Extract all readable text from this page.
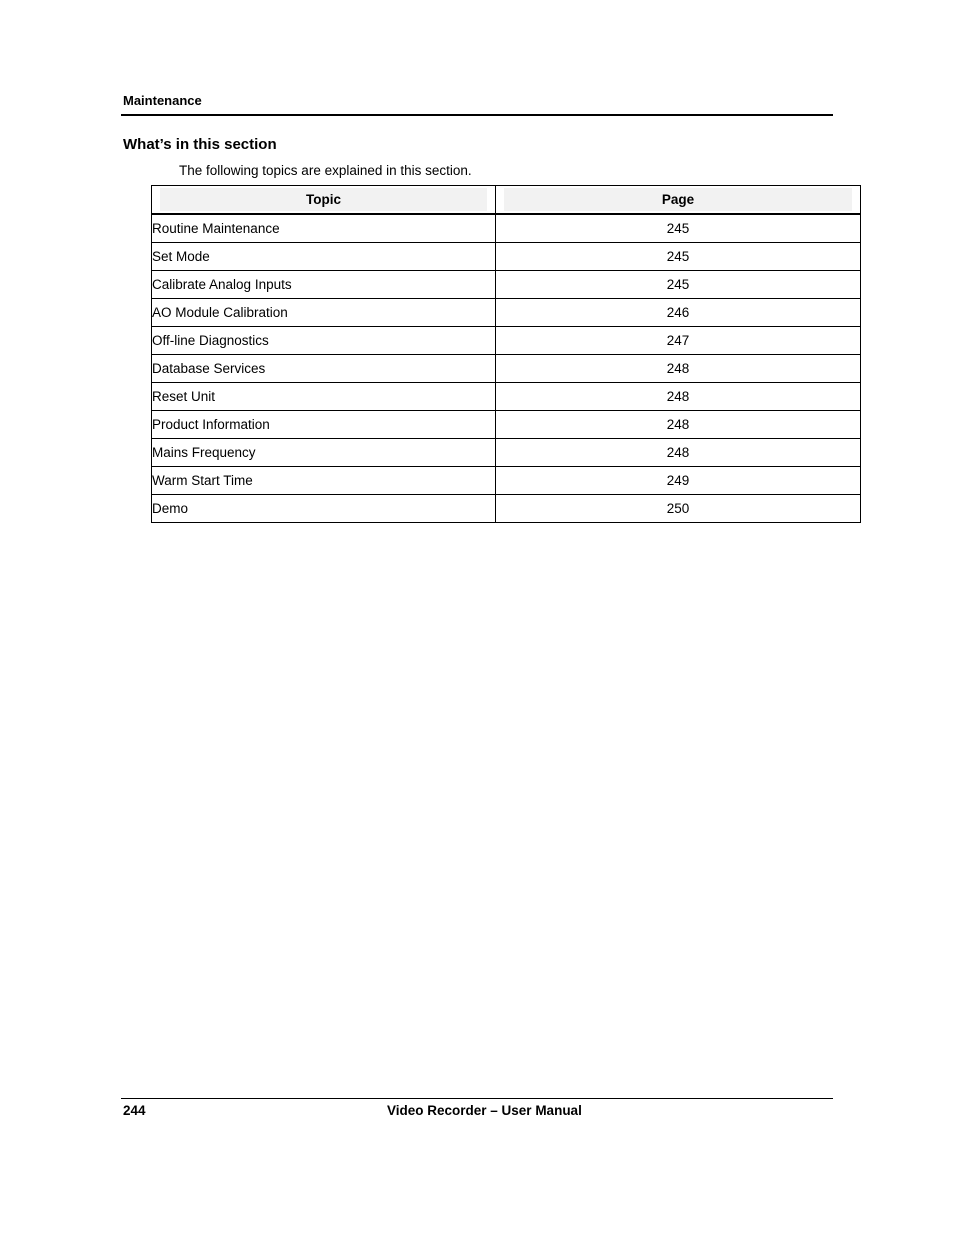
Maintenance
What’s in this section
The following topics are explained in this section.
Topic	Page

Routine Maintenance	245
Set Mode	245
Calibrate Analog Inputs	245
AO Module Calibration	246
Off-line Diagnostics	247
Database Services	248
Reset Unit	248
Product Information	248
Mains Frequency	248
Warm Start Time	249
Demo	250
244	Video Recorder – User Manual
